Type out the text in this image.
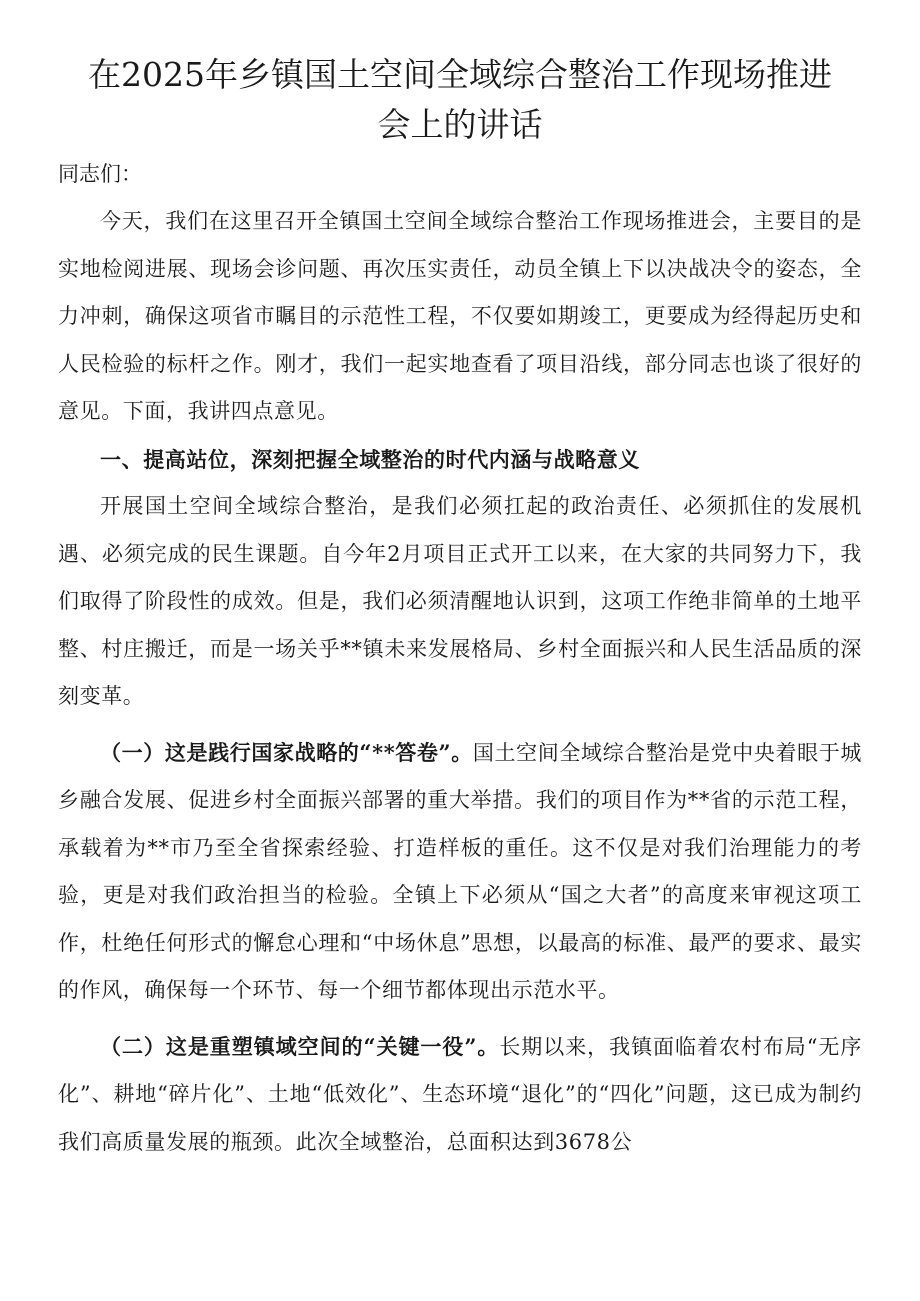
在2025年乡镇国土空间全域综合整治工作现场推进会上的讲话

同志们：

今天，我们在这里召开全镇国土空间全域综合整治工作现场推进会，主要目的是实地检阅进展、现场会诊问题、再次压实责任，动员全镇上下以决战决令的姿态，全力冲刺，确保这项省市瞩目的示范性工程，不仅要如期竣工，更要成为经得起历史和人民检验的标杆之作。刚才，我们一起实地查看了项目沿线，部分同志也谈了很好的意见。下面，我讲四点意见。

一、提高站位，深刻把握全域整治的时代内涵与战略意义

开展国土空间全域综合整治，是我们必须扛起的政治责任、必须抓住的发展机遇、必须完成的民生课题。自今年2月项目正式开工以来，在大家的共同努力下，我们取得了阶段性的成效。但是，我们必须清醒地认识到，这项工作绝非简单的土地平整、村庄搬迁，而是一场关乎**镇未来发展格局、乡村全面振兴和人民生活品质的深刻变革。

（一）这是践行国家战略的“**答卷”。国土空间全域综合整治是党中央着眼于城乡融合发展、促进乡村全面振兴部署的重大举措。我们的项目作为**省的示范工程，承载着为**市乃至全省探索经验、打造样板的重任。这不仅是对我们治理能力的考验，更是对我们政治担当的检验。全镇上下必须从“国之大者”的高度来审视这项工作，杜绝任何形式的懈怠心理和“中场休息”思想，以最高的标准、最严的要求、最实的作风，确保每一个环节、每一个细节都体现出示范水平。

（二）这是重塑镇域空间的“关键一役”。长期以来，我镇面临着农村布局“无序化”、耕地“碎片化”、土地“低效化”、生态环境“退化”的“四化”问题，这已成为制约我们高质量发展的瓶颈。此次全域整治，总面积达到3678公
